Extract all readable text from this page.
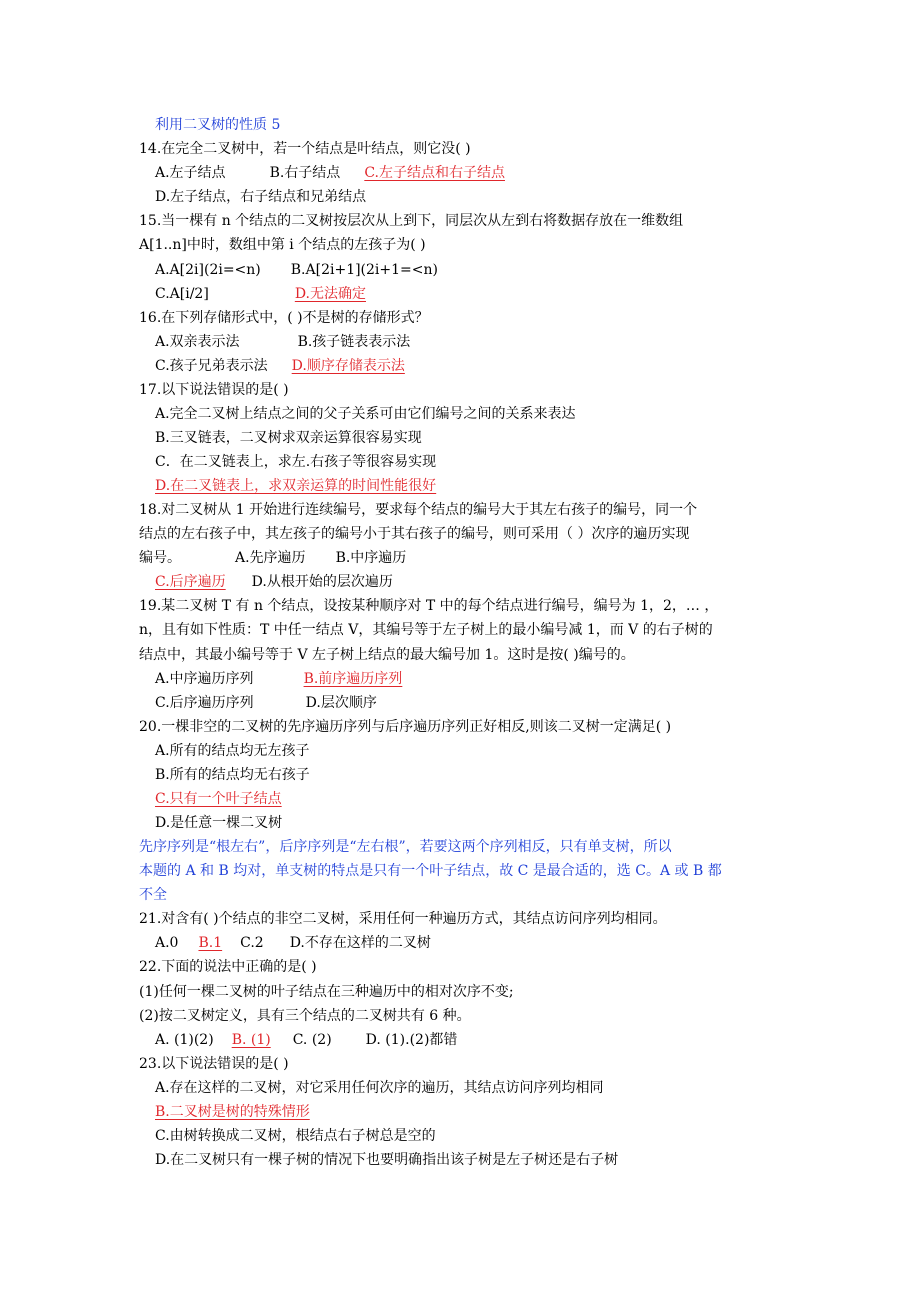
利用二叉树的性质 5
14.在完全二叉树中，若一个结点是叶结点，则它没( )
A.左子结点	B.右子结点 C.左子结点和右子结点
D.左子结点，右子结点和兄弟结点
15.当一棵有 n 个结点的二叉树按层次从上到下，同层次从左到右将数据存放在一维数组
A[1..n]中时，数组中第 i 个结点的左孩子为( )
A.A[2i](2i=<n) B.A[2i+1](2i+1=<n)
C.A[i/2]	D.无法确定
16.在下列存储形式中，( )不是树的存储形式？
A.双亲表示法	B.孩子链表表示法
C.孩子兄弟表示法 D.顺序存储表示法
17.以下说法错误的是( )
A.完全二叉树上结点之间的父子关系可由它们编号之间的关系来表达
B.三叉链表，二叉树求双亲运算很容易实现
C．在二叉链表上，求左.右孩子等很容易实现
D.在二叉链表上，求双亲运算的时间性能很好
18.对二叉树从 1 开始进行连续编号，要求每个结点的编号大于其左右孩子的编号，同一个
结点的左右孩子中，其左孩子的编号小于其右孩子的编号，则可采用（ ）次序的遍历实现
编号。	A.先序遍历 B.中序遍历
C.后序遍历 D.从根开始的层次遍历
19.某二叉树 T 有 n 个结点，设按某种顺序对 T 中的每个结点进行编号，编号为 1，2，… ，
n，且有如下性质：T 中任一结点 V，其编号等于左子树上的最小编号减 1，而 V 的右子树的
结点中，其最小编号等于 V 左子树上结点的最大编号加 1。这时是按( )编号的。
A.中序遍历序列	B.前序遍历序列
C.后序遍历序列	D.层次顺序
20.一棵非空的二叉树的先序遍历序列与后序遍历序列正好相反,则该二叉树一定满足( )
A.所有的结点均无左孩子
B.所有的结点均无右孩子
C.只有一个叶子结点
D.是任意一棵二叉树
先序序列是“根左右”，后序序列是“左右根”，若要这两个序列相反，只有单支树，所以
本题的 A 和 B 均对，单支树的特点是只有一个叶子结点，故 C 是最合适的，选 C。A 或 B 都
不全
21.对含有( )个结点的非空二叉树，采用任何一种遍历方式，其结点访问序列均相同。
A.0 B.1 C.2 D.不存在这样的二叉树
22.下面的说法中正确的是( )
(1)任何一棵二叉树的叶子结点在三种遍历中的相对次序不变;
(2)按二叉树定义，具有三个结点的二叉树共有 6 种。
A. (1)(2) B. (1) C. (2) D. (1).(2)都错
23.以下说法错误的是( )
A.存在这样的二叉树，对它采用任何次序的遍历，其结点访问序列均相同
B.二叉树是树的特殊情形
C.由树转换成二叉树，根结点右子树总是空的
D.在二叉树只有一棵子树的情况下也要明确指出该子树是左子树还是右子树
